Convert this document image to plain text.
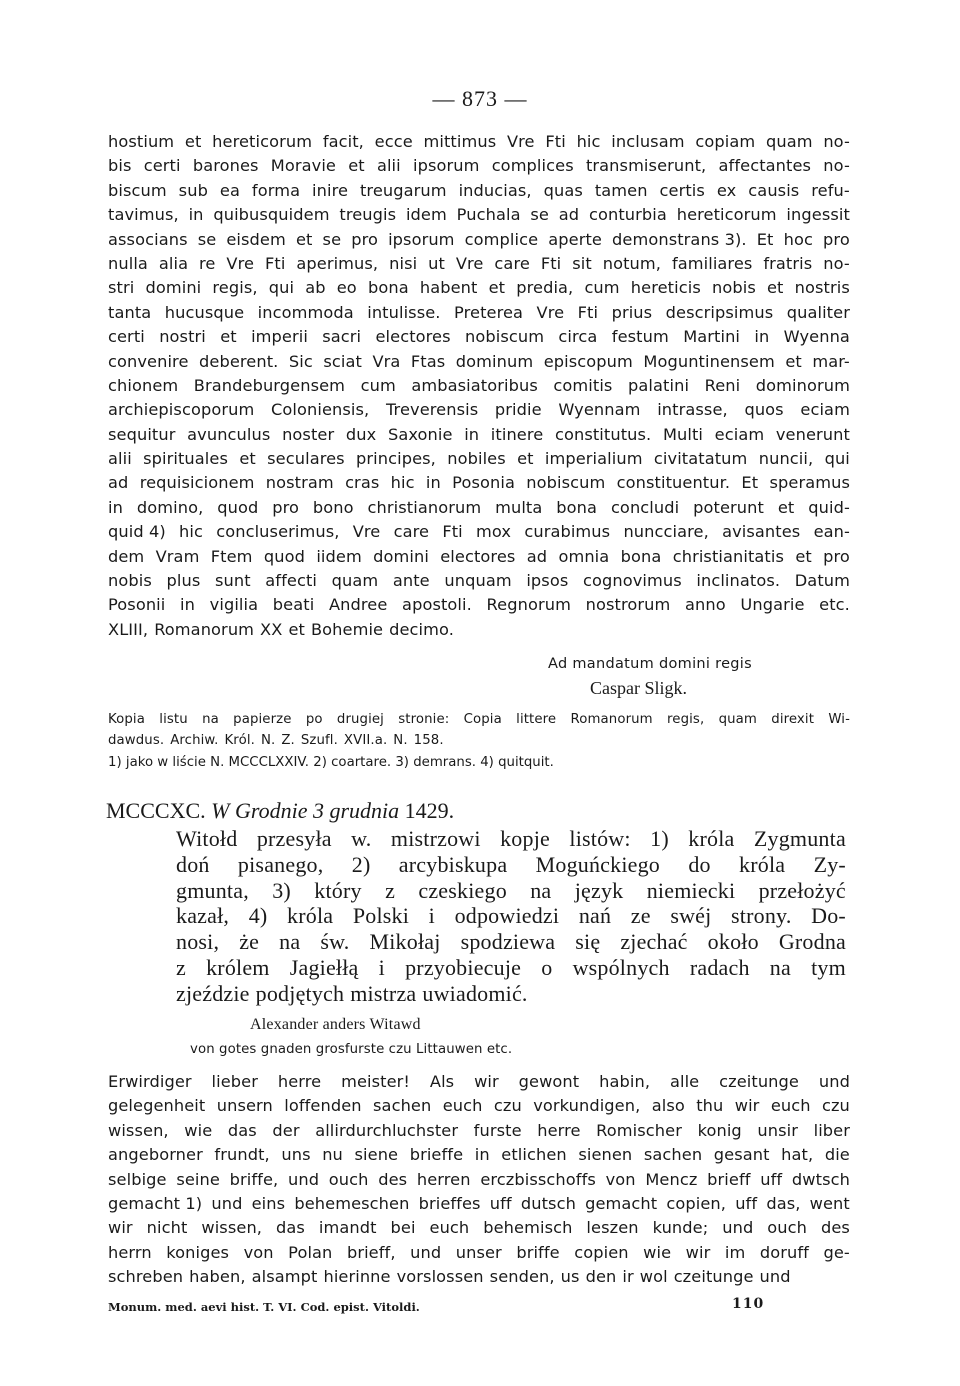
— 873 —
hostium et hereticorum facit, ecce mittimus Vre Fti hic inclusam copiam quam no-
bis certi barones Moravie et alii ipsorum complices transmiserunt, affectantes no-
biscum sub ea forma inire treugarum inducias, quas tamen certis ex causis refu-
tavimus, in quibusquidem treugis idem Puchala se ad conturbia hereticorum ingessit
associans se eisdem et se pro ipsorum complice aperte demonstrans 3). Et hoc pro
nulla alia re Vre Fti aperimus, nisi ut Vre care Fti sit notum, familiares fratris no-
stri domini regis, qui ab eo bona habent et predia, cum hereticis nobis et nostris
tanta hucusque incommoda intulisse. Preterea Vre Fti prius descripsimus qualiter
certi nostri et imperii sacri electores nobiscum circa festum Martini in Wyenna
convenire deberent. Sic sciat Vra Ftas dominum episcopum Moguntinensem et mar-
chionem Brandeburgensem cum ambasiatoribus comitis palatini Reni dominorum
archiepiscoporum Coloniensis, Treverensis pridie Wyennam intrasse, quos eciam
sequitur avunculus noster dux Saxonie in itinere constitutus. Multi eciam venerunt
alii spirituales et seculares principes, nobiles et imperialium civitatatum nuncii, qui
ad requisicionem nostram cras hic in Posonia nobiscum constituentur. Et speramus
in domino, quod pro bono christianorum multa bona concludi poterunt et quid-
quid 4) hic concluserimus, Vre care Fti mox curabimus nuncciare, avisantes ean-
dem Vram Ftem quod iidem domini electores ad omnia bona christianitatis et pro
nobis plus sunt affecti quam ante unquam ipsos cognovimus inclinatos. Datum
Posonii in vigilia beati Andree apostoli. Regnorum nostrorum anno Ungarie etc.
XLIII, Romanorum XX et Bohemie decimo.
Ad mandatum domini regis
Caspar Sligk.
Kopia listu na papierze po drugiej stronie: Copia littere Romanorum regis, quam direxit Wi-
dawdus. Archiw. Król. N. Z. Szufl. XVII.a. N. 158.
1) jako w liście N. MCCCLXXIV. 2) coartare. 3) demrans. 4) quitquit.
MCCCXC. W Grodnie 3 grudnia 1429.
Witołd przesyła w. mistrzowi kopje listów: 1) króla Zygmunta
doń pisanego, 2) arcybiskupa Moguńckiego do króla Zy-
gmunta, 3) który z czeskiego na język niemiecki przełożyć
kazał, 4) króla Polski i odpowiedzi nań ze swéj strony. Do-
nosi, że na św. Mikołaj spodziewa się zjechać około Grodna
z królem Jagiełłą i przyobiecuje o wspólnych radach na tym
zjeździe podjętych mistrza uwiadomić.
Alexander anders Witawd
von gotes gnaden grosfurste czu Littauwen etc.
Erwirdiger lieber herre meister! Als wir gewont habin, alle czeitunge und
gelegenheit unsern loffenden sachen euch czu vorkundigen, also thu wir euch czu
wissen, wie das der allirdurchluchster furste herre Romischer konig unsir liber
angeborner frundt, uns nu siene brieffe in etlichen sienen sachen gesant hat, die
selbige seine briffe, und ouch des herren erczbisschoffs von Mencz brieff uff dwtsch
gemacht 1) und eins behemeschen brieffes uff dutsch gemacht copien, uff das, went
wir nicht wissen, das imandt bei euch behemisch leszen kunde; und ouch des
herrn koniges von Polan brieff, und unser briffe copien wie wir im doruff ge-
schreben haben, alsampt hierinne vorslossen senden, us den ir wol czeitunge und
Monum. med. aevi hist. T. VI. Cod. epist. Vitoldi.	110
